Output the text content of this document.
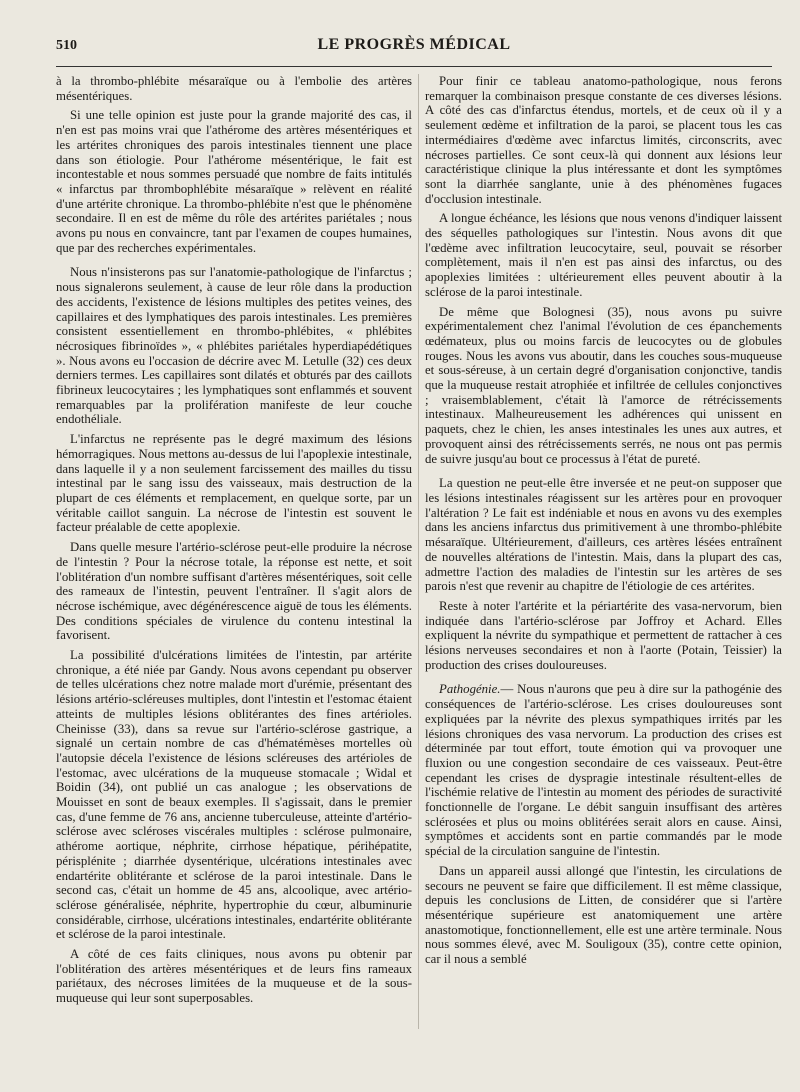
510	LE PROGRÈS MÉDICAL

à la thrombo-phlébite mésaraïque ou à l'embolie des artères mésentériques.

Si une telle opinion est juste pour la grande majorité des cas, il n'en est pas moins vrai que l'athérome des artères mésentériques et les artérites chroniques des parois intestinales tiennent une place dans son étiologie. Pour l'athérome mésentérique, le fait est incontestable et nous sommes persuadé que nombre de faits intitulés « infarctus par thrombophlébite mésaraïque » relèvent en réalité d'une artérite chronique. La thrombo-phlébite n'est que le phénomène secondaire. Il en est de même du rôle des artérites pariétales ; nous avons pu nous en convaincre, tant par l'examen de coupes humaines, que par des recherches expérimentales.

Nous n'insisterons pas sur l'anatomie-pathologique de l'infarctus ; nous signalerons seulement, à cause de leur rôle dans la production des accidents, l'existence de lésions multiples des petites veines, des capillaires et des lymphatiques des parois intestinales. Les premières consistent essentiellement en thrombo-phlébites, « phlébites nécrosiques fibrinoïdes », « phlébites pariétales hyperdiapédétiques ». Nous avons eu l'occasion de décrire avec M. Letulle (32) ces deux derniers termes. Les capillaires sont dilatés et obturés par des caillots fibrineux leucocytaires ; les lymphatiques sont enflammés et souvent remarquables par la prolifération manifeste de leur couche endothéliale.

L'infarctus ne représente pas le degré maximum des lésions hémorragiques. Nous mettons au-dessus de lui l'apoplexie intestinale, dans laquelle il y a non seulement farcissement des mailles du tissu intestinal par le sang issu des vaisseaux, mais destruction de la plupart de ces éléments et remplacement, en quelque sorte, par un véritable caillot sanguin. La nécrose de l'intestin est souvent le facteur préalable de cette apoplexie.

Dans quelle mesure l'artério-sclérose peut-elle produire la nécrose de l'intestin ? Pour la nécrose totale, la réponse est nette, et soit l'oblitération d'un nombre suffisant d'artères mésentériques, soit celle des rameaux de l'intestin, peuvent l'entraîner. Il s'agit alors de nécrose ischémique, avec dégénérescence aiguë de tous les éléments. Des conditions spéciales de virulence du contenu intestinal la favorisent.

La possibilité d'ulcérations limitées de l'intestin, par artérite chronique, a été niée par Gandy. Nous avons cependant pu observer de telles ulcérations chez notre malade mort d'urémie, présentant des lésions artério-scléreuses multiples, dont l'intestin et l'estomac étaient atteints de multiples lésions oblitérantes des fines artérioles. Cheinisse (33), dans sa revue sur l'artério-sclérose gastrique, a signalé un certain nombre de cas d'hématémèses mortelles où l'autopsie décela l'existence de lésions scléreuses des artérioles de l'estomac, avec ulcérations de la muqueuse stomacale ; Widal et Boidin (34), ont publié un cas analogue ; les observations de Mouisset en sont de beaux exemples. Il s'agissait, dans le premier cas, d'une femme de 76 ans, ancienne tuberculeuse, atteinte d'artério-sclérose avec scléroses viscérales multiples : sclérose pulmonaire, athérome aortique, néphrite, cirrhose hépatique, périhépatite, périsplénite ; diarrhée dysentérique, ulcérations intestinales avec endartérite oblitérante et sclérose de la paroi intestinale. Dans le second cas, c'était un homme de 45 ans, alcoolique, avec artério-sclérose généralisée, néphrite, hypertrophie du cœur, albuminurie considérable, cirrhose, ulcérations intestinales, endartérite oblitérante et sclérose de la paroi intestinale.

A côté de ces faits cliniques, nous avons pu obtenir par l'oblitération des artères mésentériques et de leurs fins rameaux pariétaux, des nécroses limitées de la muqueuse et de la sous-muqueuse qui leur sont superposables.

Pour finir ce tableau anatomo-pathologique, nous ferons remarquer la combinaison presque constante de ces diverses lésions. A côté des cas d'infarctus étendus, mortels, et de ceux où il y a seulement œdème et infiltration de la paroi, se placent tous les cas intermédiaires d'œdème avec infarctus limités, circonscrits, avec nécroses partielles. Ce sont ceux-là qui donnent aux lésions leur caractéristique clinique la plus intéressante et dont les symptômes sont la diarrhée sanglante, unie à des phénomènes fugaces d'occlusion intestinale.

A longue échéance, les lésions que nous venons d'indiquer laissent des séquelles pathologiques sur l'intestin. Nous avons dit que l'œdème avec infiltration leucocytaire, seul, pouvait se résorber complètement, mais il n'en est pas ainsi des infarctus, ou des apoplexies limitées : ultérieurement elles peuvent aboutir à la sclérose de la paroi intestinale.

De même que Bolognesi (35), nous avons pu suivre expérimentalement chez l'animal l'évolution de ces épanchements œdémateux, plus ou moins farcis de leucocytes ou de globules rouges. Nous les avons vus aboutir, dans les couches sous-muqueuse et sous-séreuse, à un certain degré d'organisation conjonctive, tandis que la muqueuse restait atrophiée et infiltrée de cellules conjonctives ; vraisemblablement, c'était là l'amorce de rétrécissements intestinaux. Malheureusement les adhérences qui unissent en paquets, chez le chien, les anses intestinales les unes aux autres, et provoquent ainsi des rétrécissements serrés, ne nous ont pas permis de suivre jusqu'au bout ce processus à l'état de pureté.

La question ne peut-elle être inversée et ne peut-on supposer que les lésions intestinales réagissent sur les artères pour en provoquer l'altération ? Le fait est indéniable et nous en avons vu des exemples dans les anciens infarctus dus primitivement à une thrombo-phlébite mésaraïque. Ultérieurement, d'ailleurs, ces artères lésées entraînent de nouvelles altérations de l'intestin. Mais, dans la plupart des cas, admettre l'action des maladies de l'intestin sur les artères de ses parois n'est que revenir au chapitre de l'étiologie de ces artérites.

Reste à noter l'artérite et la périartérite des vasa-nervorum, bien indiquée dans l'artério-sclérose par Joffroy et Achard. Elles expliquent la névrite du sympathique et permettent de rattacher à ces lésions nerveuses secondaires et non à l'aorte (Potain, Teissier) la production des crises douloureuses.

Pathogénie.— Nous n'aurons que peu à dire sur la pathogénie des conséquences de l'artério-sclérose. Les crises douloureuses sont expliquées par la névrite des plexus sympathiques irrités par les lésions chroniques des vasa nervorum. La production des crises est déterminée par tout effort, toute émotion qui va provoquer une fluxion ou une congestion secondaire de ces vaisseaux. Peut-être cependant les crises de dyspragie intestinale résultent-elles de l'ischémie relative de l'intestin au moment des périodes de suractivité fonctionnelle de l'organe. Le débit sanguin insuffisant des artères sclérosées et plus ou moins oblitérées serait alors en cause. Ainsi, symptômes et accidents sont en partie commandés par le mode spécial de la circulation sanguine de l'intestin.

Dans un appareil aussi allongé que l'intestin, les circulations de secours ne peuvent se faire que difficilement. Il est même classique, depuis les conclusions de Litten, de considérer que si l'artère mésentérique supérieure est anatomiquement une artère anastomotique, fonctionnellement, elle est une artère terminale. Nous nous sommes élevé, avec M. Souligoux (35), contre cette opinion, car il nous a semblé
